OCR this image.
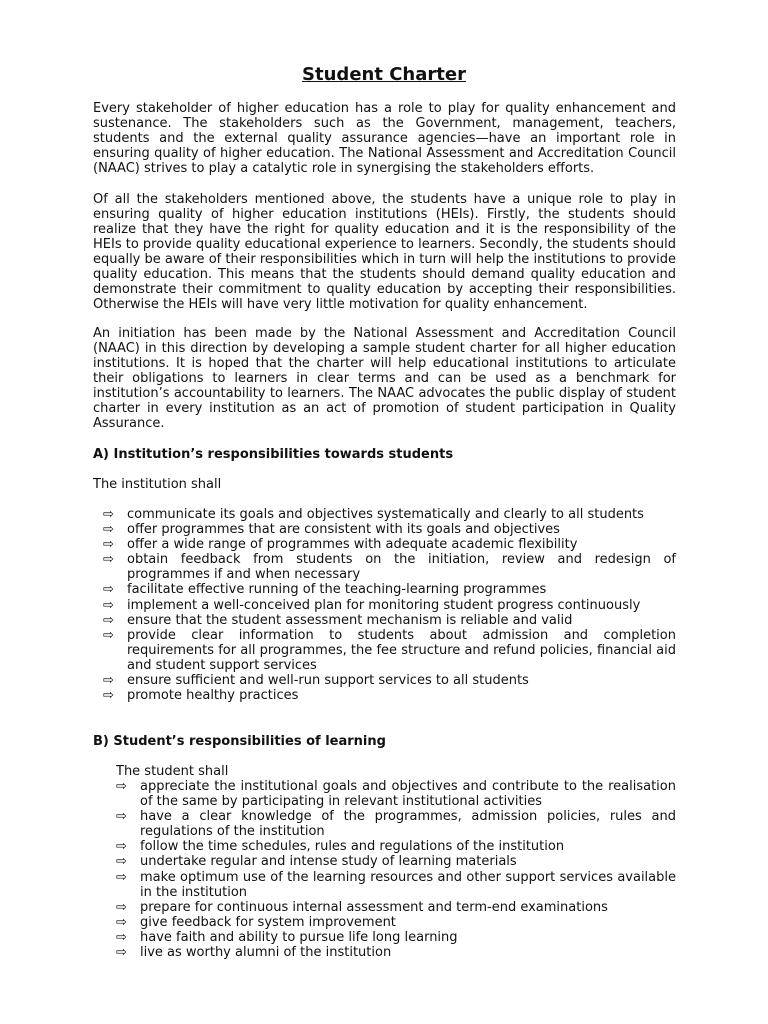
Student Charter

Every stakeholder of higher education has a role to play for quality enhancement and sustenance. The stakeholders such as the Government, management, teachers, students and the external quality assurance agencies—have an important role in ensuring quality of higher education. The National Assessment and Accreditation Council (NAAC) strives to play a catalytic role in synergising the stakeholders efforts.

Of all the stakeholders mentioned above, the students have a unique role to play in ensuring quality of higher education institutions (HEIs). Firstly, the students should realize that they have the right for quality education and it is the responsibility of the HEIs to provide quality educational experience to learners. Secondly, the students should equally be aware of their responsibilities which in turn will help the institutions to provide quality education. This means that the students should demand quality education and demonstrate their commitment to quality education by accepting their responsibilities. Otherwise the HEIs will have very little motivation for quality enhancement.

An initiation has been made by the National Assessment and Accreditation Council (NAAC) in this direction by developing a sample student charter for all higher education institutions. It is hoped that the charter will help educational institutions to articulate their obligations to learners in clear terms and can be used as a benchmark for institution’s accountability to learners. The NAAC advocates the public display of student charter in every institution as an act of promotion of student participation in Quality Assurance.

A) Institution’s responsibilities towards students

The institution shall

⇨	communicate its goals and objectives systematically and clearly to all students
⇨	offer programmes that are consistent with its goals and objectives
⇨	offer a wide range of programmes with adequate academic flexibility
⇨	obtain feedback from students on the initiation, review and redesign of programmes if and when necessary
⇨	facilitate effective running of the teaching-learning programmes
⇨	implement a well-conceived plan for monitoring student progress continuously
⇨	ensure that the student assessment mechanism is reliable and valid
⇨	provide clear information to students about admission and completion requirements for all programmes, the fee structure and refund policies, financial aid and student support services
⇨	ensure sufficient and well-run support services to all students
⇨	promote healthy practices

B) Student’s responsibilities of learning

The student shall

⇨	appreciate the institutional goals and objectives and contribute to the realisation of the same by participating in relevant institutional activities
⇨	have a clear knowledge of the programmes, admission policies, rules and regulations of the institution
⇨	follow the time schedules, rules and regulations of the institution
⇨	undertake regular and intense study of learning materials
⇨	make optimum use of the learning resources and other support services available in the institution
⇨	prepare for continuous internal assessment and term-end examinations
⇨	give feedback for system improvement
⇨	have faith and ability to pursue life long learning
⇨	live as worthy alumni of the institution
